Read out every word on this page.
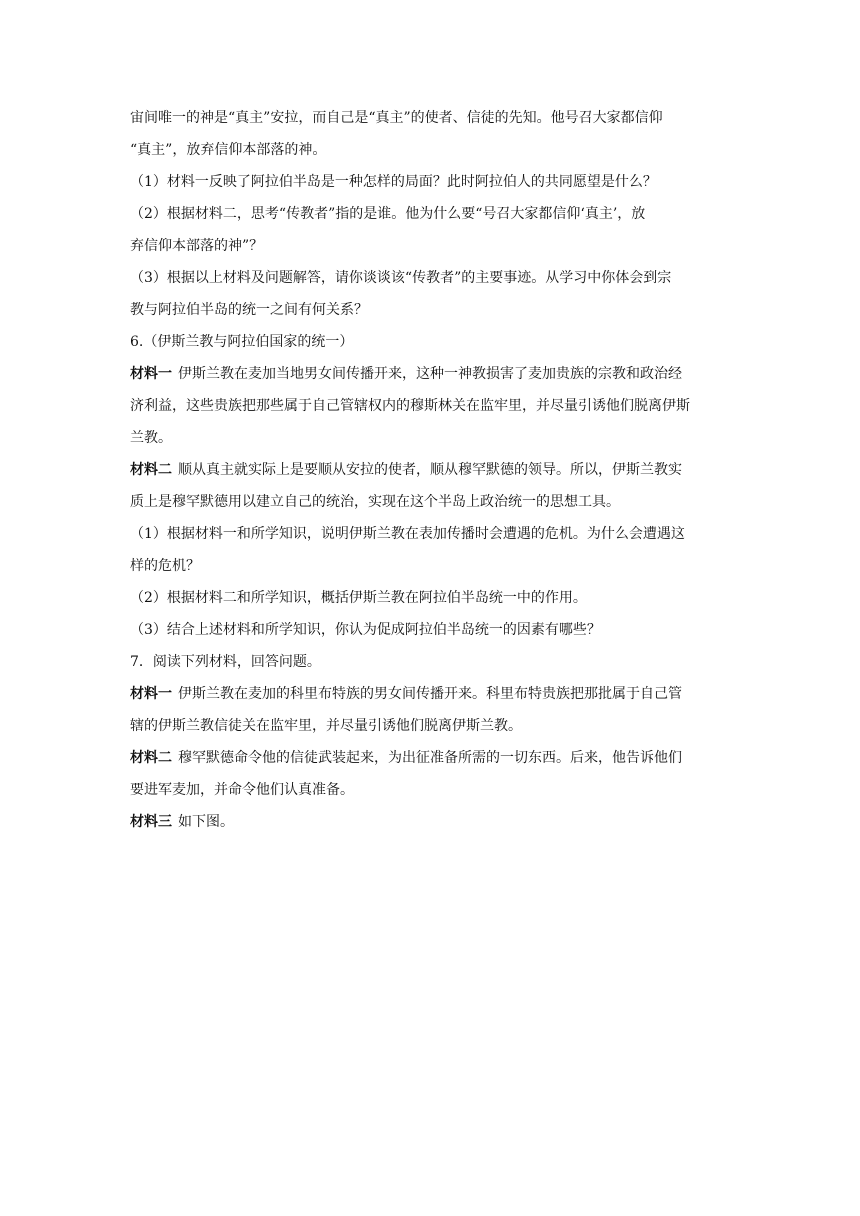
宙间唯一的神是“真主”安拉，而自己是“真主”的使者、信徒的先知。他号召大家都信仰

“真主”，放弃信仰本部落的神。

（1）材料一反映了阿拉伯半岛是一种怎样的局面？此时阿拉伯人的共同愿望是什么？

（2）根据材料二，思考“传教者”指的是谁。他为什么要“号召大家都信仰‘真主’，放

弃信仰本部落的神”？

（3）根据以上材料及问题解答，请你谈谈该“传教者”的主要事迹。从学习中你体会到宗

教与阿拉伯半岛的统一之间有何关系？

6.（伊斯兰教与阿拉伯国家的统一）

材料一 伊斯兰教在麦加当地男女间传播开来，这种一神教损害了麦加贵族的宗教和政治经

济利益，这些贵族把那些属于自己管辖权内的穆斯林关在监牢里，并尽量引诱他们脱离伊斯

兰教。

材料二 顺从真主就实际上是要顺从安拉的使者，顺从穆罕默德的领导。所以，伊斯兰教实

质上是穆罕默德用以建立自己的统治，实现在这个半岛上政治统一的思想工具。

（1）根据材料一和所学知识，说明伊斯兰教在表加传播时会遭遇的危机。为什么会遭遇这

样的危机？

（2）根据材料二和所学知识，概括伊斯兰教在阿拉伯半岛统一中的作用。

（3）结合上述材料和所学知识，你认为促成阿拉伯半岛统一的因素有哪些？

7．阅读下列材料，回答问题。

材料一 伊斯兰教在麦加的科里布特族的男女间传播开来。科里布特贵族把那批属于自己管

辖的伊斯兰教信徒关在监牢里，并尽量引诱他们脱离伊斯兰教。

材料二 穆罕默德命令他的信徒武装起来，为出征准备所需的一切东西。后来，他告诉他们

要进军麦加，并命令他们认真准备。

材料三 如下图。
